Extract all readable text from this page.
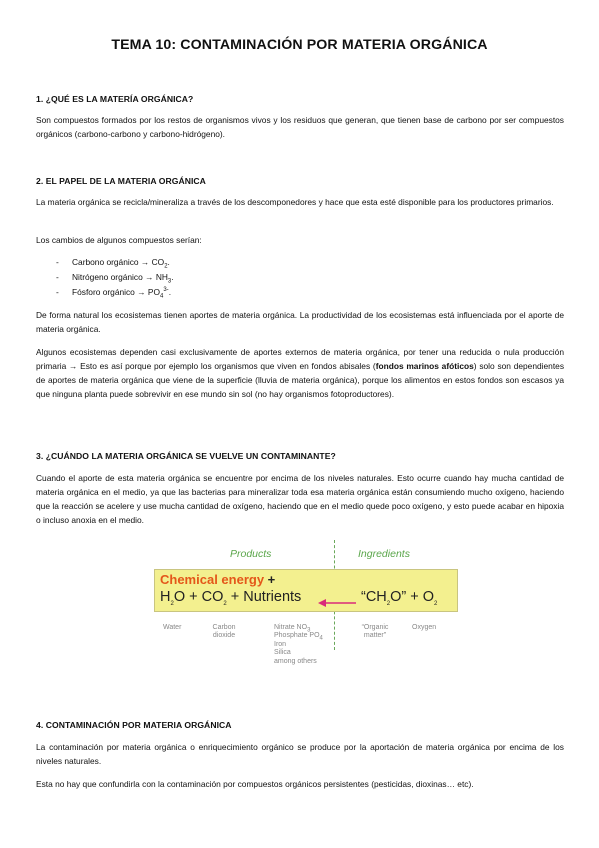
TEMA 10: CONTAMINACIÓN POR MATERIA ORGÁNICA
1. ¿QUÉ ES LA MATERÍA ORGÁNICA?

Son compuestos formados por los restos de organismos vivos y los residuos que generan, que tienen base de carbono por ser compuestos orgánicos (carbono-carbono y carbono-hidrógeno).

2. EL PAPEL DE LA MATERIA ORGÁNICA

La materia orgánica se recicla/mineraliza a través de los descomponedores y hace que esta esté disponible para los productores primarios.

Los cambios de algunos compuestos serían:

- Carbono orgánico → $CO_2$.
- Nitrógeno orgánico → $NH_3$.
- Fósforo orgánico → $PO_4^{3-}$.

De forma natural los ecosistemas tienen aportes de materia orgánica. La productividad de los ecosistemas está influenciada por el aporte de materia orgánica.

Algunos ecosistemas dependen casi exclusivamente de aportes externos de materia orgánica, por tener una reducida o nula producción primaria → Esto es así porque por ejemplo los organismos que viven en fondos abisales (fondos marinos afóticos) solo son dependientes de aportes de materia orgánica que viene de la superficie (lluvia de materia orgánica), porque los alimentos en estos fondos son escasos ya que ninguna planta puede sobrevivir en ese mundo sin sol (no hay organismos fotoproductores).

3. ¿CUÁNDO LA MATERIA ORGÁNICA SE VUELVE UN CONTAMINANTE?

Cuando el aporte de esta materia orgánica se encuentre por encima de los niveles naturales. Esto ocurre cuando hay mucha cantidad de materia orgánica en el medio, ya que las bacterias para mineralizar toda esa materia orgánica están consumiendo mucho oxígeno, haciendo que la reacción se acelere y use mucha cantidad de oxígeno, haciendo que en el medio quede poco oxígeno, y esto puede acabar en hipoxia o incluso anoxia en el medio.

Products	Ingredients
Chemical energy +
$H_2O + CO_2$ + Nutrients	“$CH_2O$” + $O_2$
Water	Carbon
dioxide
Nitrate $NO_3$
Phosphate $PO_4$
Iron
Silica
among others
“Organic
matter”
Oxygen
4. CONTAMINACIÓN POR MATERIA ORGÁNICA

La contaminación por materia orgánica o enriquecimiento orgánico se produce por la aportación de materia orgánica por encima de los niveles naturales.

Esta no hay que confundirla con la contaminación por compuestos orgánicos persistentes (pesticidas, dioxinas… etc).
